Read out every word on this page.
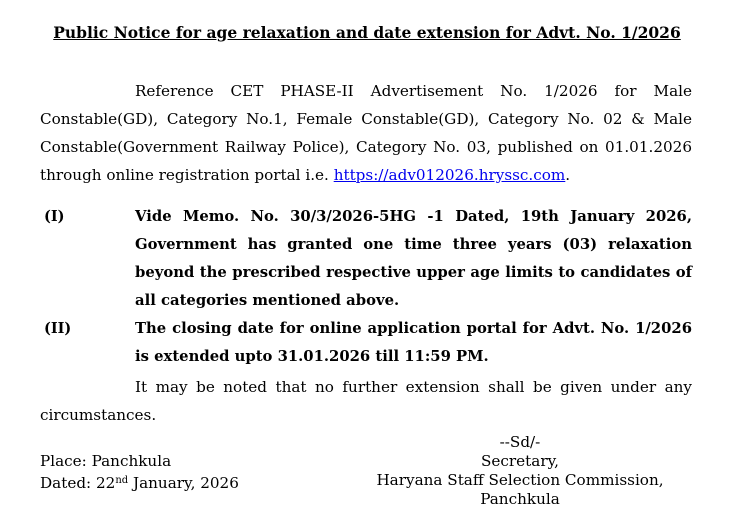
Public Notice for age relaxation and date extension for Advt. No. 1/2026
Reference CET PHASE-II Advertisement No. 1/2026 for Male Constable(GD), Category No.1, Female Constable(GD), Category No. 02 & Male Constable(Government Railway Police), Category No. 03, published on 01.01.2026 through online registration portal i.e. https://adv012026.hryssc.com.
(I)	Vide Memo. No. 30/3/2026-5HG -1 Dated, 19th January 2026, Government has granted one time three years (03) relaxation beyond the prescribed respective upper age limits to candidates of all categories mentioned above.
(II)	The closing date for online application portal for Advt. No. 1/2026 is extended upto 31.01.2026 till 11:59 PM.
It may be noted that no further extension shall be given under any circumstances.
Place: Panchkula
Dated: 22nd January, 2026
--Sd/-
Secretary,
Haryana Staff Selection Commission,
Panchkula
